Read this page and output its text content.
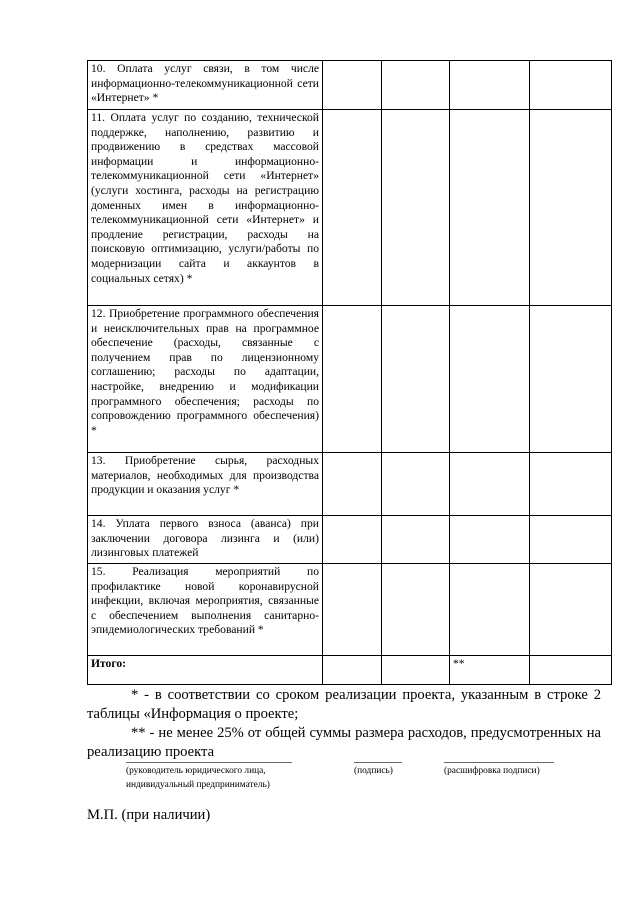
10. Оплата услуг связи, в том числе информационно-телекоммуникационной сети «Интернет» *				
11. Оплата услуг по созданию, технической поддержке, наполнению, развитию и продвижению в средствах массовой информации и информационно-телекоммуникационной сети «Интернет» (услуги хостинга, расходы на регистрацию доменных имен в информационно-телекоммуникационной сети «Интернет» и продление регистрации, расходы на поисковую оптимизацию, услуги/работы по модернизации сайта и аккаунтов в социальных сетях) *				
12. Приобретение программного обеспечения и неисключительных прав на программное обеспечение (расходы, связанные с получением прав по лицензионному соглашению; расходы по адаптации, настройке, внедрению и модификации программного обеспечения; расходы по сопровождению программного обеспечения) *				
13. Приобретение сырья, расходных материалов, необходимых для производства продукции и оказания услуг *				
14. Уплата первого взноса (аванса) при заключении договора лизинга и (или) лизинговых платежей				
15. Реализация мероприятий по профилактике новой коронавирусной инфекции, включая мероприятия, связанные с обеспечением выполнения санитарно-эпидемиологических требований *				
Итого:			**	

* - в соответствии со сроком реализации проекта, указанным в строке 2 таблицы «Информация о проекте;

** - не менее 25% от общей суммы размера расходов, предусмотренных на реализацию проекта

(руководитель юридического лица, индивидуальный предприниматель)
(подпись)	(расшифровка подписи)
М.П. (при наличии)
